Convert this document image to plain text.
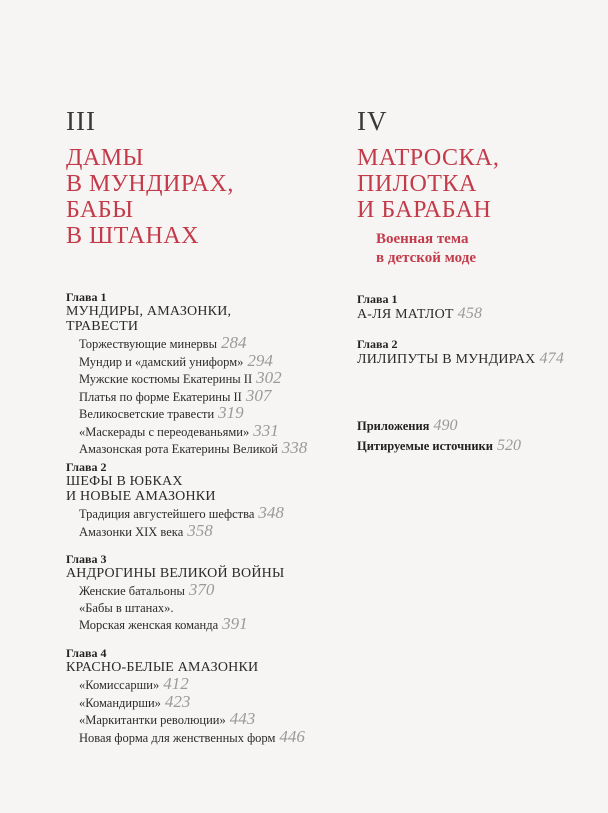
III
ДАМЫ
В МУНДИРАХ,
БАБЫ
В ШТАНАХ
Глава 1
МУНДИРЫ, АМАЗОНКИ,
ТРАВЕСТИ
Торжествующие минервы 284
Мундир и «дамский униформ» 294
Мужские костюмы Екатерины II 302
Платья по форме Екатерины II 307
Великосветские травести 319
«Маскерады с переодеваньями» 331
Амазонская рота Екатерины Великой 338
Глава 2
ШЕФЫ В ЮБКАХ
И НОВЫЕ АМАЗОНКИ
Традиция августейшего шефства 348
Амазонки XIX века 358
Глава 3
АНДРОГИНЫ ВЕЛИКОЙ ВОЙНЫ
Женские батальоны 370
«Бабы в штанах».
Морская женская команда 391
Глава 4
КРАСНО-БЕЛЫЕ АМАЗОНКИ
«Комиссарши» 412
«Командирши» 423
«Маркитантки революции» 443
Новая форма для женственных форм 446
IV
МАТРОСКА,
ПИЛОТКА
И БАРАБАН
Военная тема
в детской моде
Глава 1
А-ЛЯ МАТЛОТ 458
Глава 2
ЛИЛИПУТЫ В МУНДИРАХ 474
Приложения 490
Цитируемые источники 520
